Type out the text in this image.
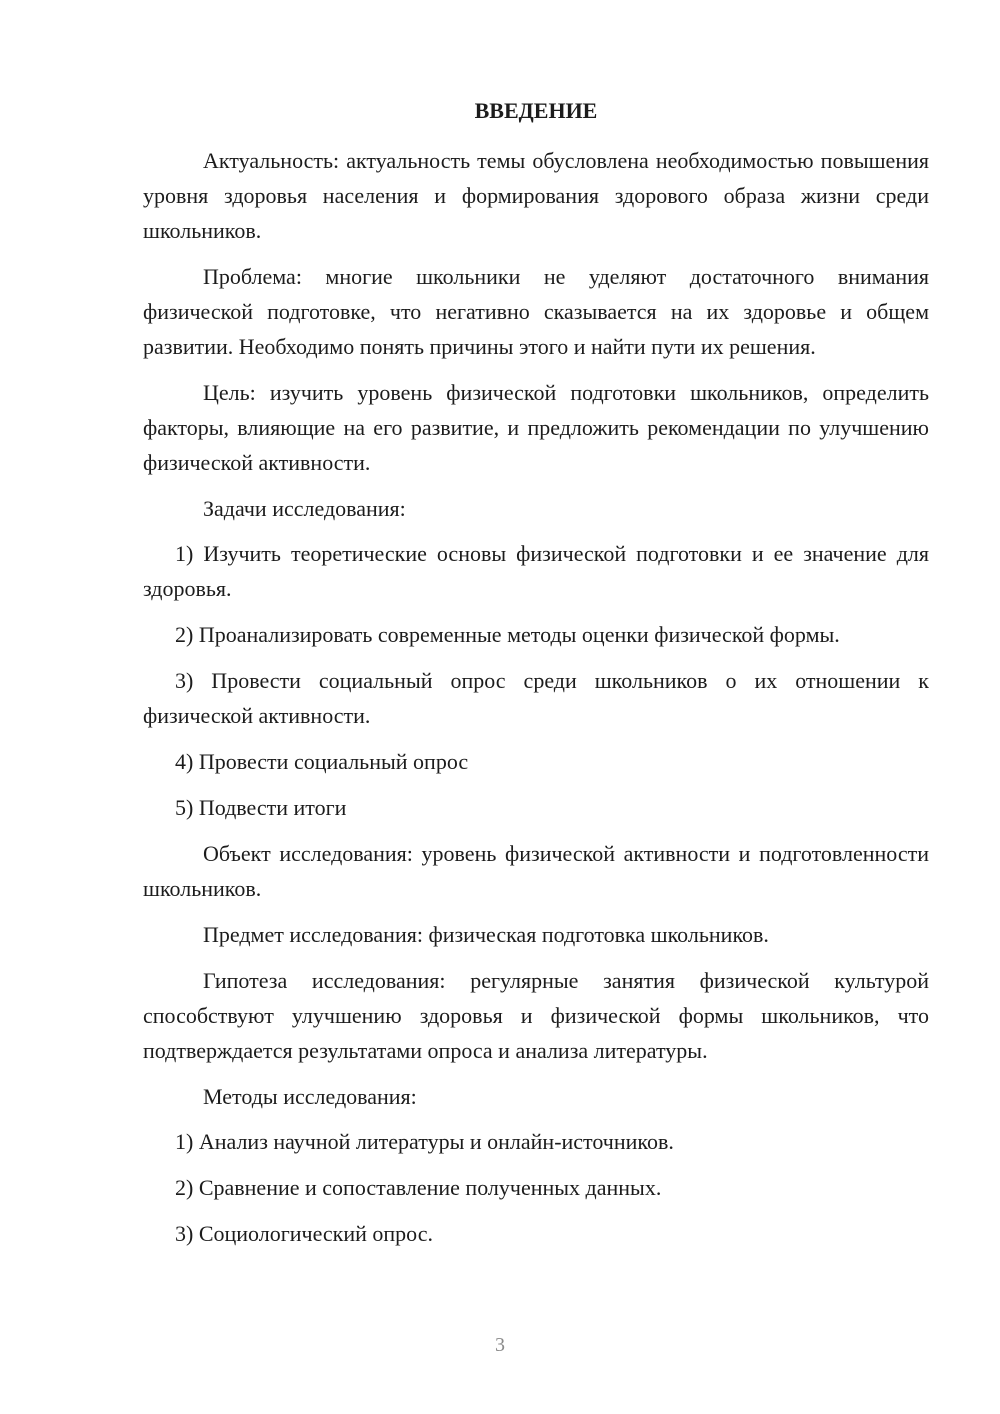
ВВЕДЕНИЕ

Актуальность: актуальность темы обусловлена необходимостью повышения уровня здоровья населения и формирования здорового образа жизни среди школьников.

Проблема: многие школьники не уделяют достаточного внимания физической подготовке, что негативно сказывается на их здоровье и общем развитии. Необходимо понять причины этого и найти пути их решения.

Цель: изучить уровень физической подготовки школьников, определить факторы, влияющие на его развитие, и предложить рекомендации по улучшению физической активности.

Задачи исследования:

1) Изучить теоретические основы физической подготовки и ее значение для здоровья.

2) Проанализировать современные методы оценки физической формы.

3) Провести социальный опрос среди школьников о их отношении к физической активности.

4) Провести социальный опрос

5) Подвести итоги

Объект исследования: уровень физической активности и подготовленности школьников.

Предмет исследования: физическая подготовка школьников.

Гипотеза исследования: регулярные занятия физической культурой способствуют улучшению здоровья и физической формы школьников, что подтверждается результатами опроса и анализа литературы.

Методы исследования:

1) Анализ научной литературы и онлайн-источников.

2) Сравнение и сопоставление полученных данных.

3) Социологический опрос.

3
